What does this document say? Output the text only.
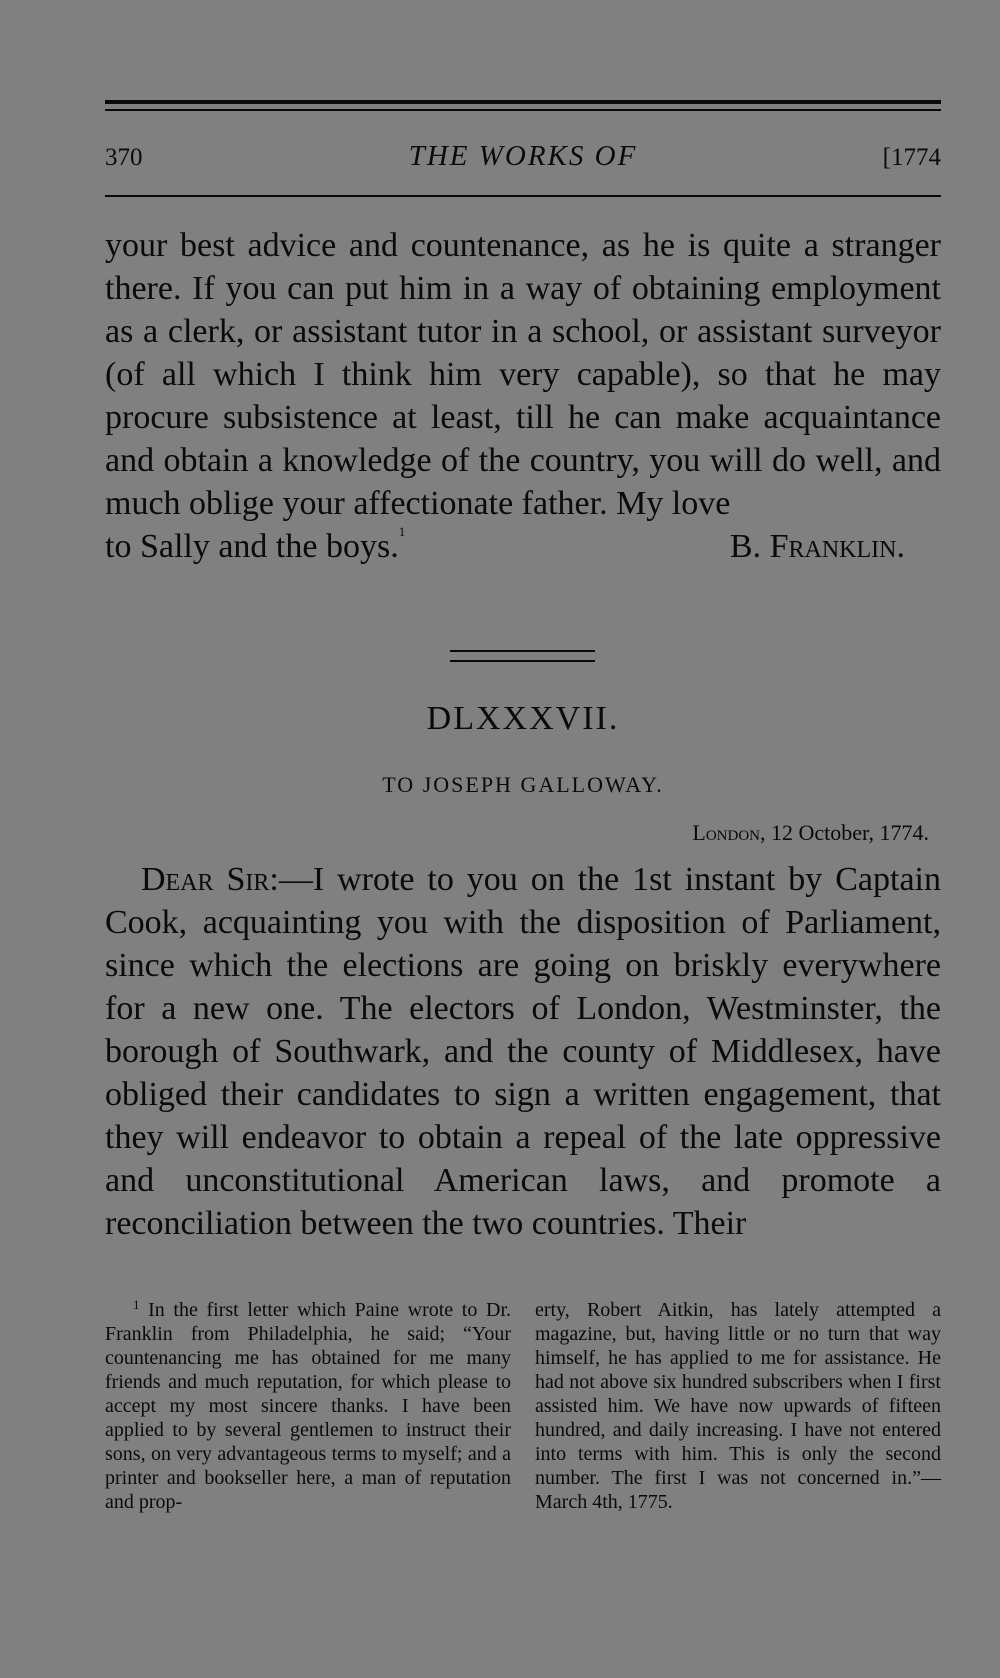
370	THE WORKS OF	[1774
your best advice and countenance, as he is quite a stranger there. If you can put him in a way of obtaining employment as a clerk, or assistant tutor in a school, or assistant surveyor (of all which I think him very capable), so that he may procure subsistence at least, till he can make acquaintance and obtain a knowledge of the country, you will do well, and much oblige your affectionate father. My love
to Sally and the boys.$^1$	B. Franklin.
DLXXXVII.
TO JOSEPH GALLOWAY.
London, 12 October, 1774.

Dear Sir:—I wrote to you on the 1st instant by Captain Cook, acquainting you with the disposition of Parliament, since which the elections are going on briskly everywhere for a new one. The electors of London, Westminster, the borough of Southwark, and the county of Middlesex, have obliged their candidates to sign a written engagement, that they will endeavor to obtain a repeal of the late oppressive and unconstitutional American laws, and promote a reconciliation between the two countries. Their

$^1$ In the first letter which Paine wrote to Dr. Franklin from Philadelphia, he said; “Your countenancing me has obtained for me many friends and much reputation, for which please to accept my most sincere thanks. I have been applied to by several gentlemen to instruct their sons, on very advantageous terms to myself; and a printer and bookseller here, a man of reputation and prop-

erty, Robert Aitkin, has lately attempted a magazine, but, having little or no turn that way himself, he has applied to me for assistance. He had not above six hundred subscribers when I first assisted him. We have now upwards of fifteen hundred, and daily increasing. I have not entered into terms with him. This is only the second number. The first I was not concerned in.”—March 4th, 1775.
